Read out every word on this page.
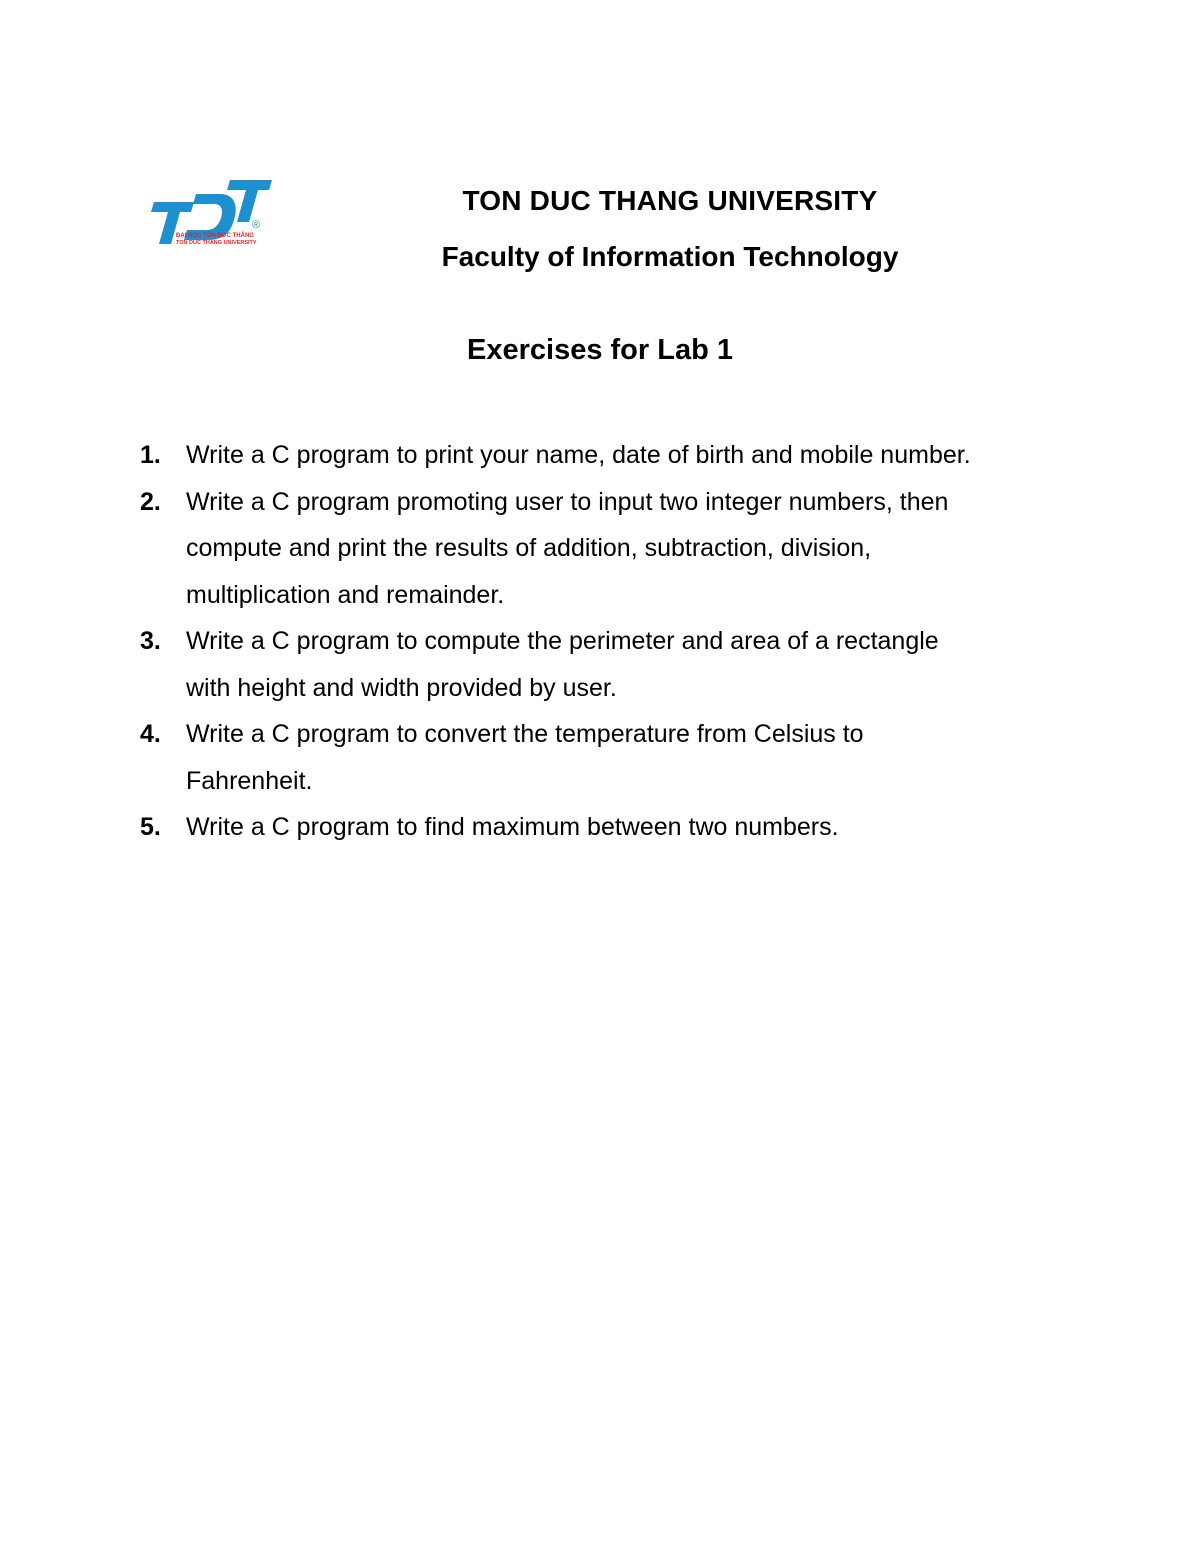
®
ĐẠI HỌC TÔN ĐỨC THẮNG
TON DUC THANG UNIVERSITY
TON DUC THANG UNIVERSITY
Faculty of Information Technology
Exercises for Lab 1
1.	Write a C program to print your name, date of birth and mobile number.
2.	Write a C program promoting user to input two integer numbers, then
compute and print the results of addition, subtraction, division,
multiplication and remainder.
3.	Write a C program to compute the perimeter and area of a rectangle
with height and width provided by user.
4.	Write a C program to convert the temperature from Celsius to
Fahrenheit.
5.	Write a C program to find maximum between two numbers.
